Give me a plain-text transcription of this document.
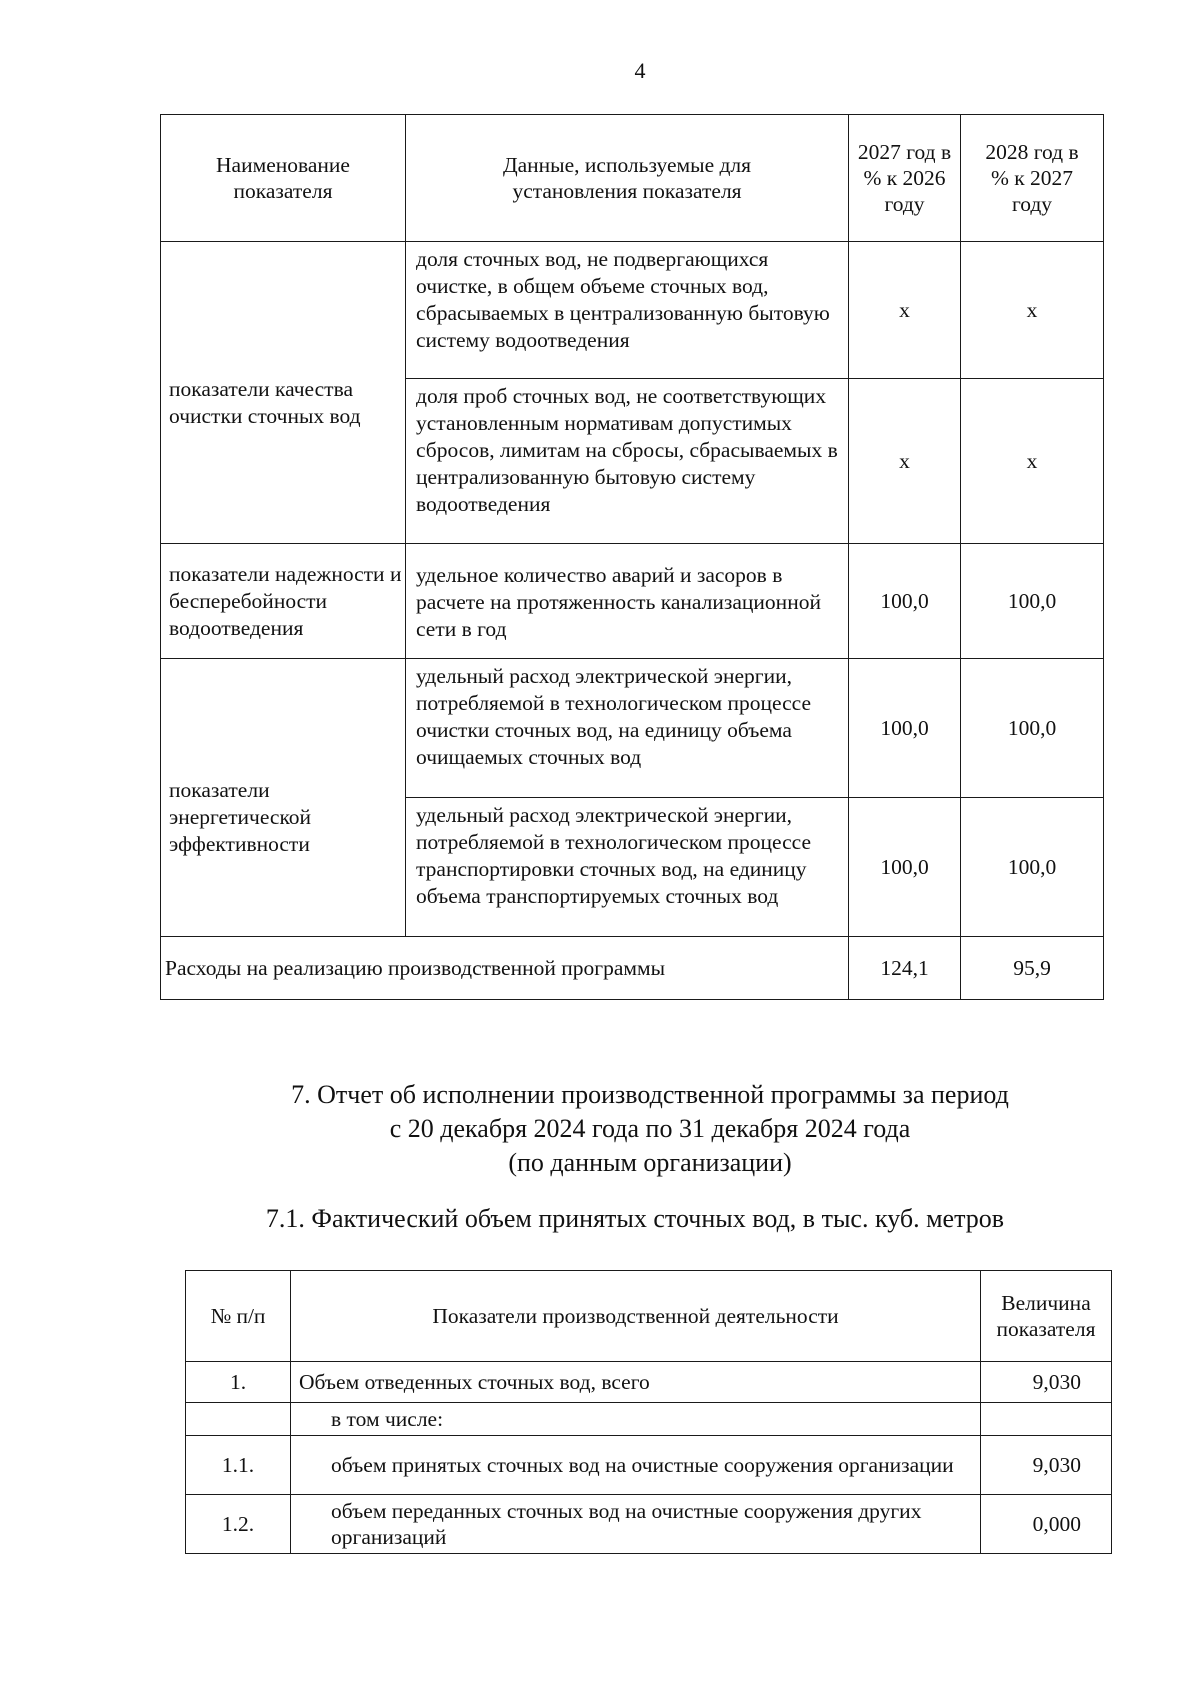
4
Наименование показателя	Данные, используемые для установления показателя	2027 год в % к 2026 году	2028 год в % к 2027 году
показатели качества очистки сточных вод	доля сточных вод, не подвергающихся очистке, в общем объеме сточных вод, сбрасываемых в централизованную бытовую систему водоотведения	х	х
	доля проб сточных вод, не соответствующих установленным нормативам допустимых сбросов, лимитам на сбросы, сбрасываемых в централизованную бытовую систему водоотведения	х	х
показатели надежности и бесперебойности водоотведения	удельное количество аварий и засоров в расчете на протяженность канализационной сети в год	100,0	100,0
показатели энергетической эффективности	удельный расход электрической энергии, потребляемой в технологическом процессе очистки сточных вод, на единицу объема очищаемых сточных вод	100,0	100,0
	удельный расход электрической энергии, потребляемой в технологическом процессе транспортировки сточных вод, на единицу объема транспортируемых сточных вод	100,0	100,0
Расходы на реализацию производственной программы		124,1	95,9
7. Отчет об исполнении производственной программы за период
с 20 декабря 2024 года по 31 декабря 2024 года
(по данным организации)
7.1. Фактический объем принятых сточных вод, в тыс. куб. метров
№ п/п	Показатели производственной деятельности	Величина показателя
1.	Объем отведенных сточных вод, всего	9,030
	в том числе:	
1.1.	объем принятых сточных вод на очистные сооружения организации	9,030
1.2.	объем переданных сточных вод на очистные сооружения других организаций	0,000
